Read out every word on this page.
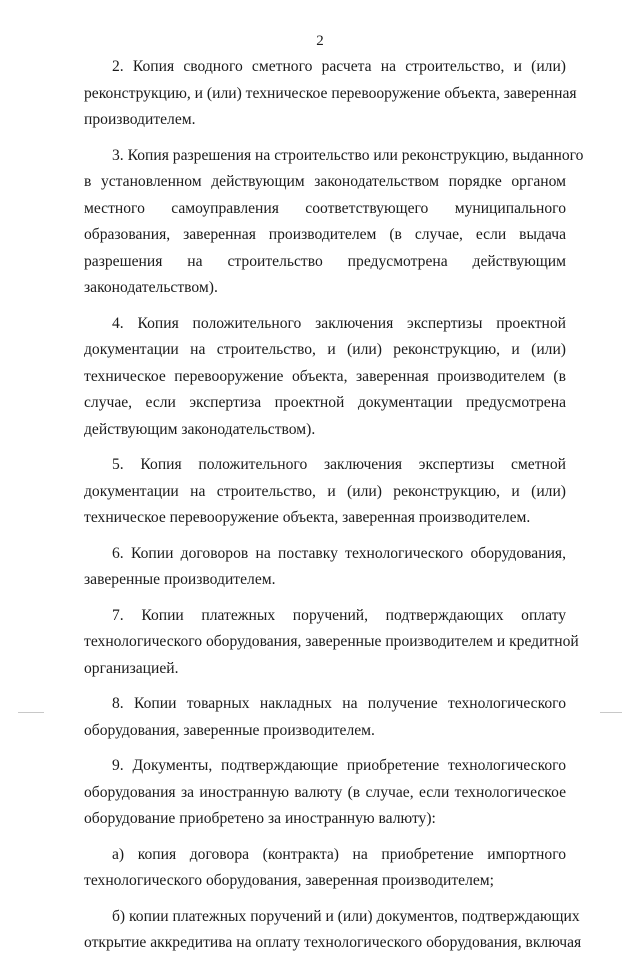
2
2. Копия сводного сметного расчета на строительство, и (или)
реконструкцию, и (или) техническое перевооружение объекта, заверенная
производителем.
3. Копия разрешения на строительство или реконструкцию, выданного
в установленном действующим законодательством порядке органом
местного самоуправления соответствующего муниципального
образования, заверенная производителем (в случае, если выдача
разрешения на строительство предусмотрена действующим
законодательством).
4. Копия положительного заключения экспертизы проектной
документации на строительство, и (или) реконструкцию, и (или)
техническое перевооружение объекта, заверенная производителем (в
случае, если экспертиза проектной документации предусмотрена
действующим законодательством).
5. Копия положительного заключения экспертизы сметной
документации на строительство, и (или) реконструкцию, и (или)
техническое перевооружение объекта, заверенная производителем.
6. Копии договоров на поставку технологического оборудования,
заверенные производителем.
7. Копии платежных поручений, подтверждающих оплату
технологического оборудования, заверенные производителем и кредитной
организацией.
8. Копии товарных накладных на получение технологического
оборудования, заверенные производителем.
9. Документы, подтверждающие приобретение технологического
оборудования за иностранную валюту (в случае, если технологическое
оборудование приобретено за иностранную валюту):
а) копия договора (контракта) на приобретение импортного
технологического оборудования, заверенная производителем;
б) копии платежных поручений и (или) документов, подтверждающих
открытие аккредитива на оплату технологического оборудования, включая
